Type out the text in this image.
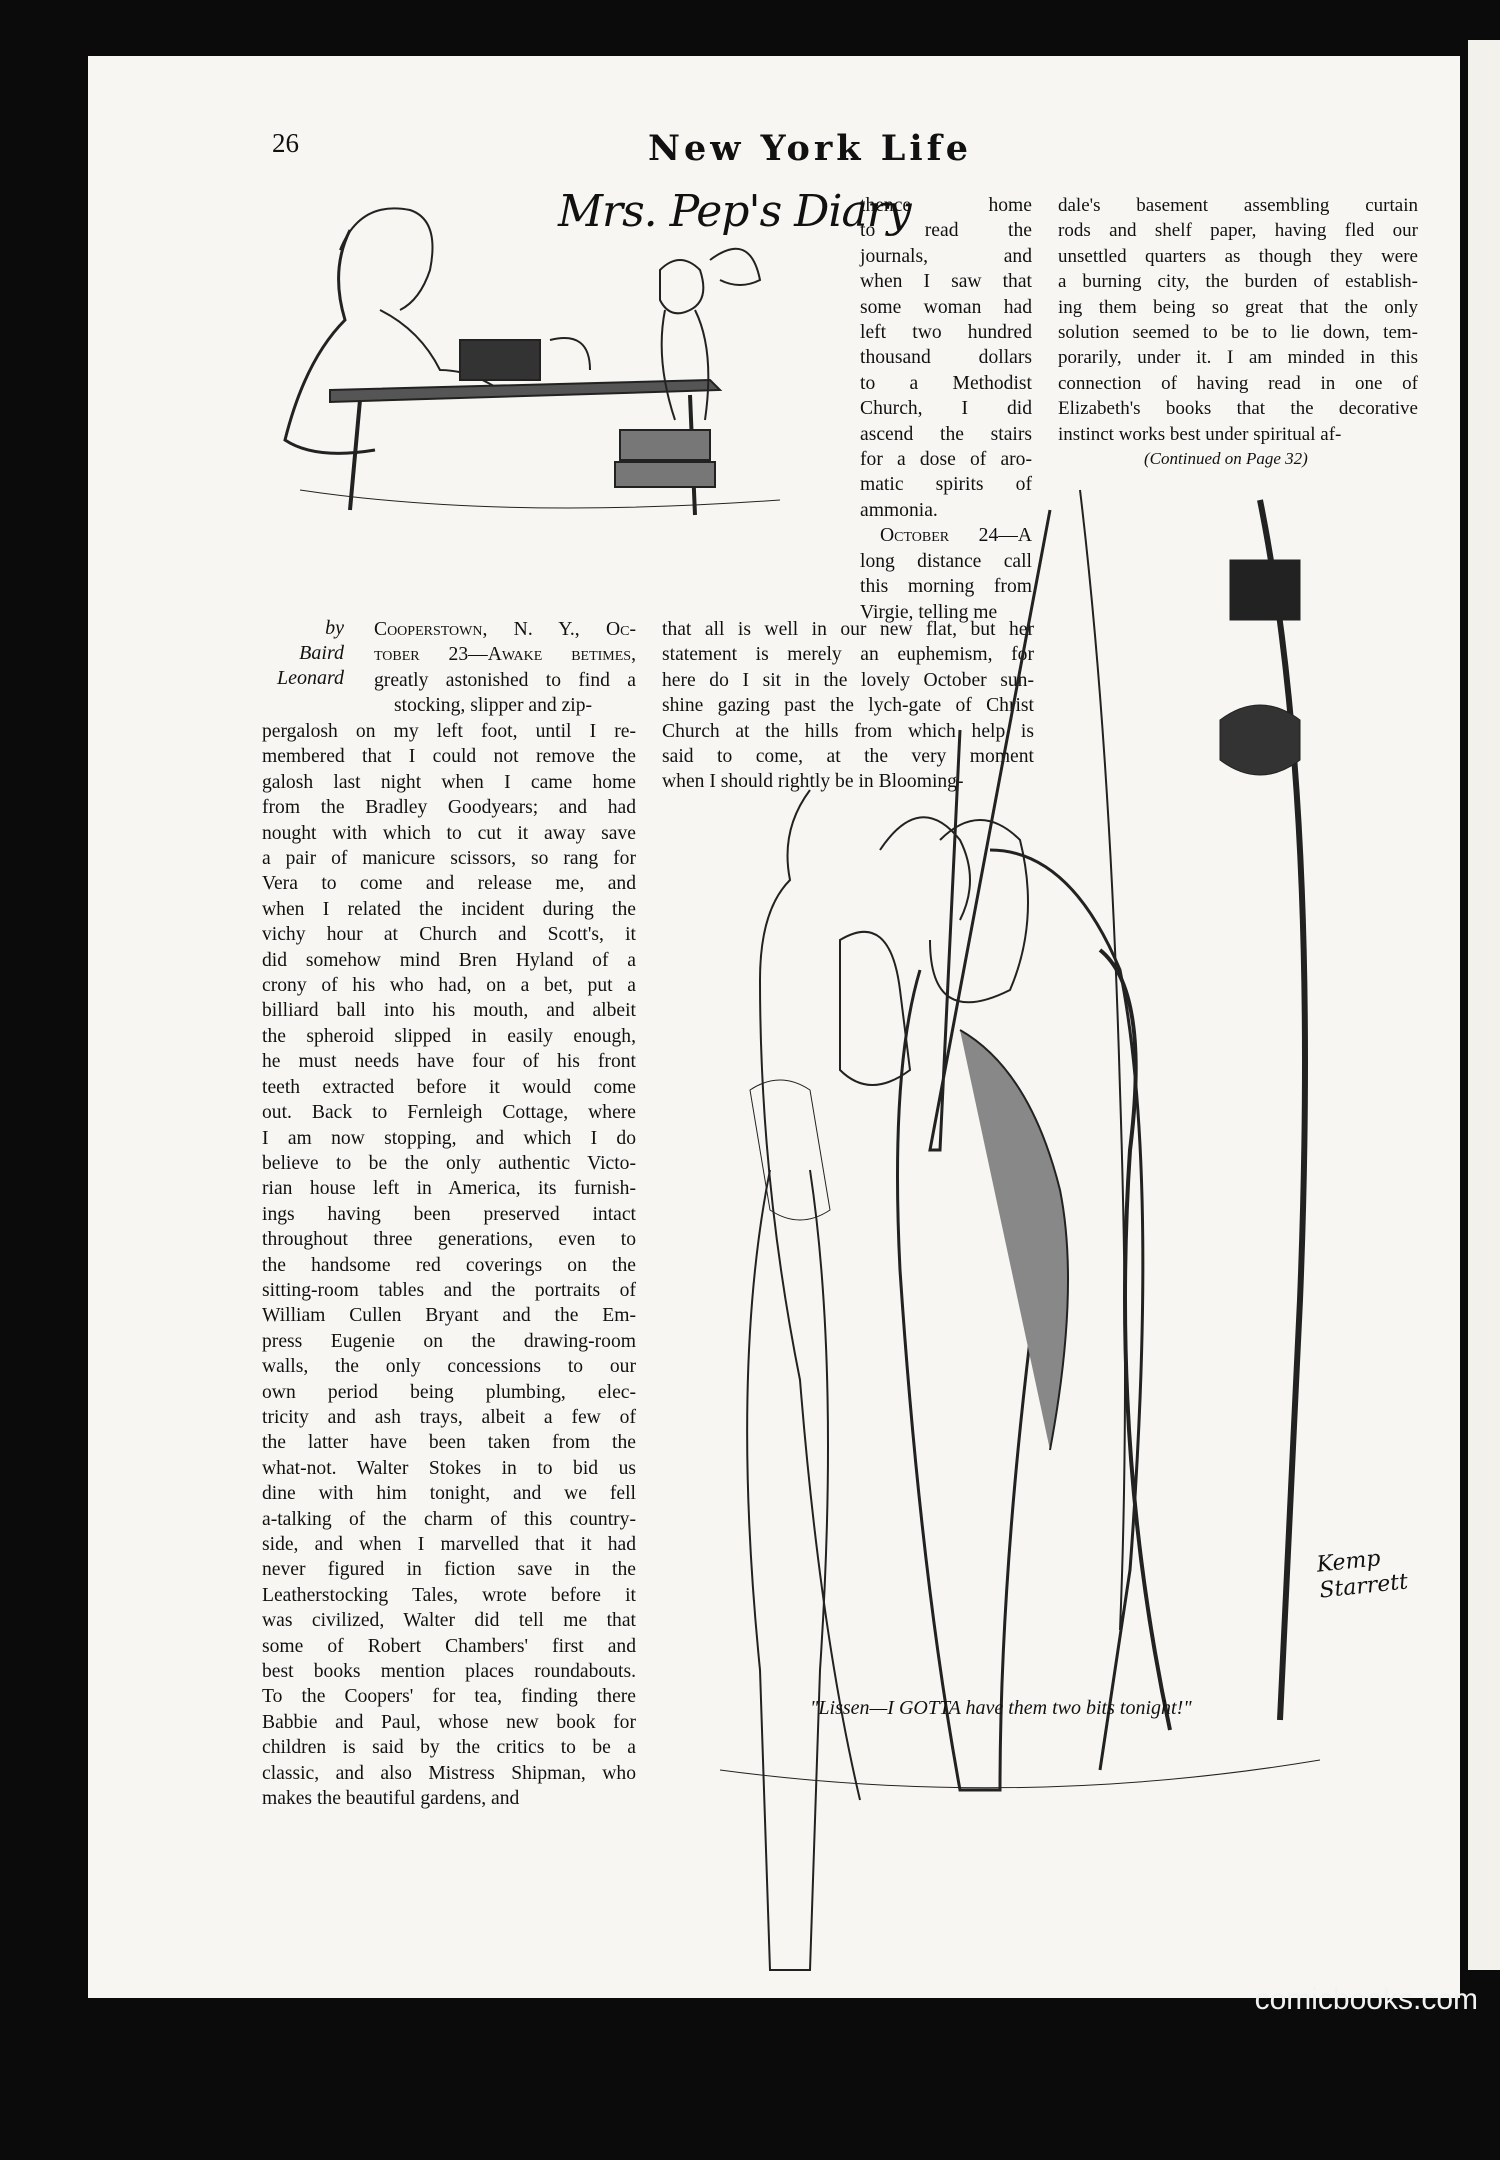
26	New York Life
Mrs. Pep's Diary
by
Baird
Leonard
Cooperstown, N. Y., Oc-
tober 23—Awake betimes,
greatly astonished to find a
stocking, slipper and zip-
pergalosh on my left foot, until I re-
membered that I could not remove the
galosh last night when I came home
from the Bradley Goodyears; and had
nought with which to cut it away save
a pair of manicure scissors, so rang for
Vera to come and release me, and
when I related the incident during the
vichy hour at Church and Scott's, it
did somehow mind Bren Hyland of a
crony of his who had, on a bet, put a
billiard ball into his mouth, and albeit
the spheroid slipped in easily enough,
he must needs have four of his front
teeth extracted before it would come
out. Back to Fernleigh Cottage, where
I am now stopping, and which I do
believe to be the only authentic Victo-
rian house left in America, its furnish-
ings having been preserved intact
throughout three generations, even to
the handsome red coverings on the
sitting-room tables and the portraits of
William Cullen Bryant and the Em-
press Eugenie on the drawing-room
walls, the only concessions to our
own period being plumbing, elec-
tricity and ash trays, albeit a few of
the latter have been taken from the
what-not. Walter Stokes in to bid us
dine with him tonight, and we fell
a-talking of the charm of this country-
side, and when I marvelled that it had
never figured in fiction save in the
Leatherstocking Tales, wrote before it
was civilized, Walter did tell me that
some of Robert Chambers' first and
best books mention places roundabouts.
To the Coopers' for tea, finding there
Babbie and Paul, whose new book for
children is said by the critics to be a
classic, and also Mistress Shipman, who
makes the beautiful gardens, and
thence home
to read the
journals, and
when I saw that
some woman had
left two hundred
thousand dollars
to a Methodist
Church, I did
ascend the stairs
for a dose of aro-
matic spirits of
ammonia.
October 24—A
long distance call
this morning from
Virgie, telling me
that all is well in our new flat, but her
statement is merely an euphemism, for
here do I sit in the lovely October sun-
shine gazing past the lych-gate of Christ
Church at the hills from which help is
said to come, at the very moment
when I should rightly be in Blooming-
dale's basement assembling curtain
rods and shelf paper, having fled our
unsettled quarters as though they were
a burning city, the burden of establish-
ing them being so great that the only
solution seemed to be to lie down, tem-
porarily, under it. I am minded in this
connection of having read in one of
Elizabeth's books that the decorative
instinct works best under spiritual af-
(Continued on Page 32)
Kemp Starrett
"Lissen—I GOTTA have them two bits tonight!"
comicbooks.com
